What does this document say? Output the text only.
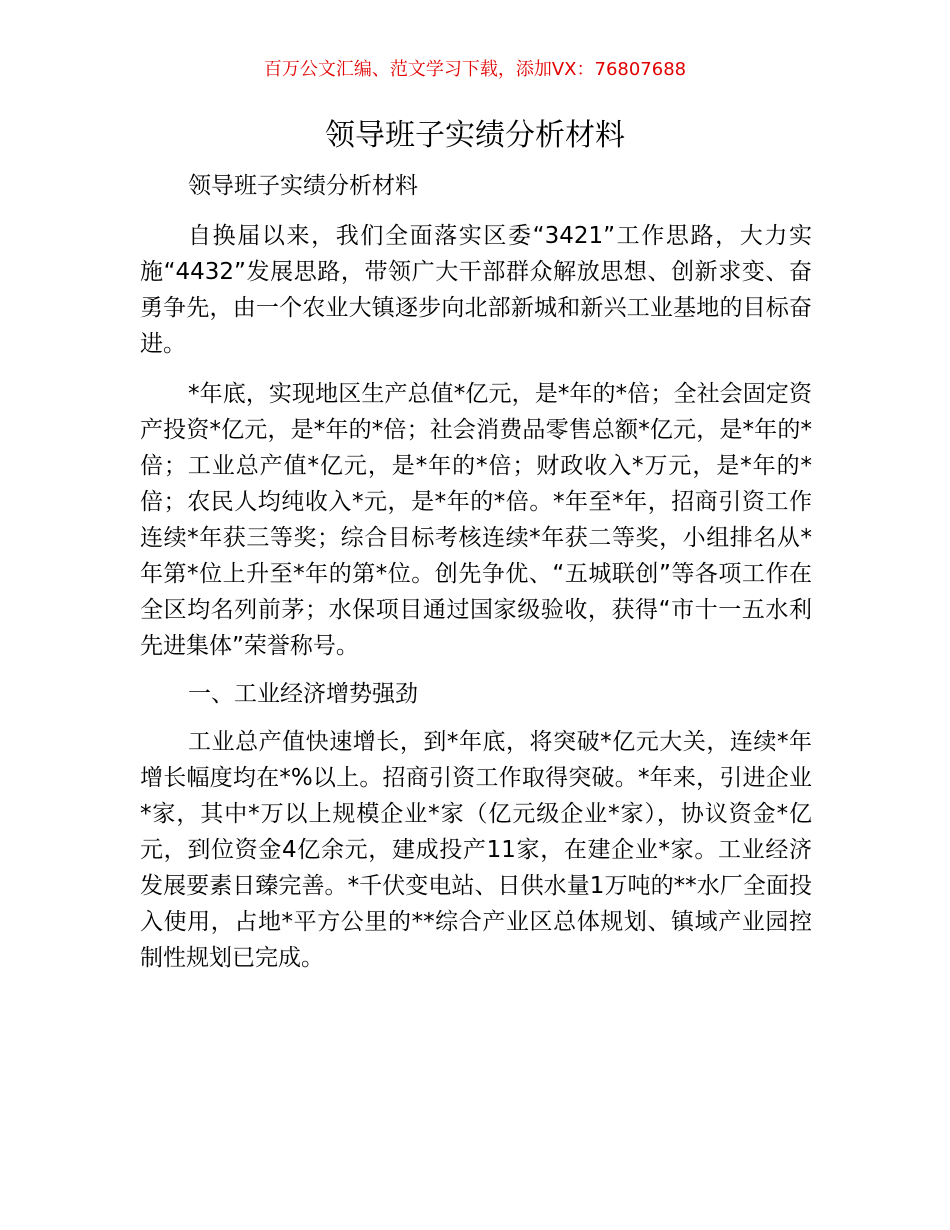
百万公文汇编、范文学习下载，添加VX：76807688
领导班子实绩分析材料

领导班子实绩分析材料

自换届以来，我们全面落实区委“3421”工作思路，大力实施“4432”发展思路，带领广大干部群众解放思想、创新求变、奋勇争先，由一个农业大镇逐步向北部新城和新兴工业基地的目标奋进。

*年底，实现地区生产总值*亿元，是*年的*倍；全社会固定资产投资*亿元，是*年的*倍；社会消费品零售总额*亿元，是*年的*倍；工业总产值*亿元，是*年的*倍；财政收入*万元，是*年的*倍；农民人均纯收入*元，是*年的*倍。*年至*年，招商引资工作连续*年获三等奖；综合目标考核连续*年获二等奖，小组排名从*年第*位上升至*年的第*位。创先争优、“五城联创”等各项工作在全区均名列前茅；水保项目通过国家级验收，获得“市十一五水利先进集体”荣誉称号。

一、工业经济增势强劲

工业总产值快速增长，到*年底，将突破*亿元大关，连续*年增长幅度均在*%以上。招商引资工作取得突破。*年来，引进企业*家，其中*万以上规模企业*家（亿元级企业*家），协议资金*亿元，到位资金4亿余元，建成投产11家，在建企业*家。工业经济发展要素日臻完善。*千伏变电站、日供水量1万吨的**水厂全面投入使用，占地*平方公里的**综合产业区总体规划、镇域产业园控制性规划已完成。
